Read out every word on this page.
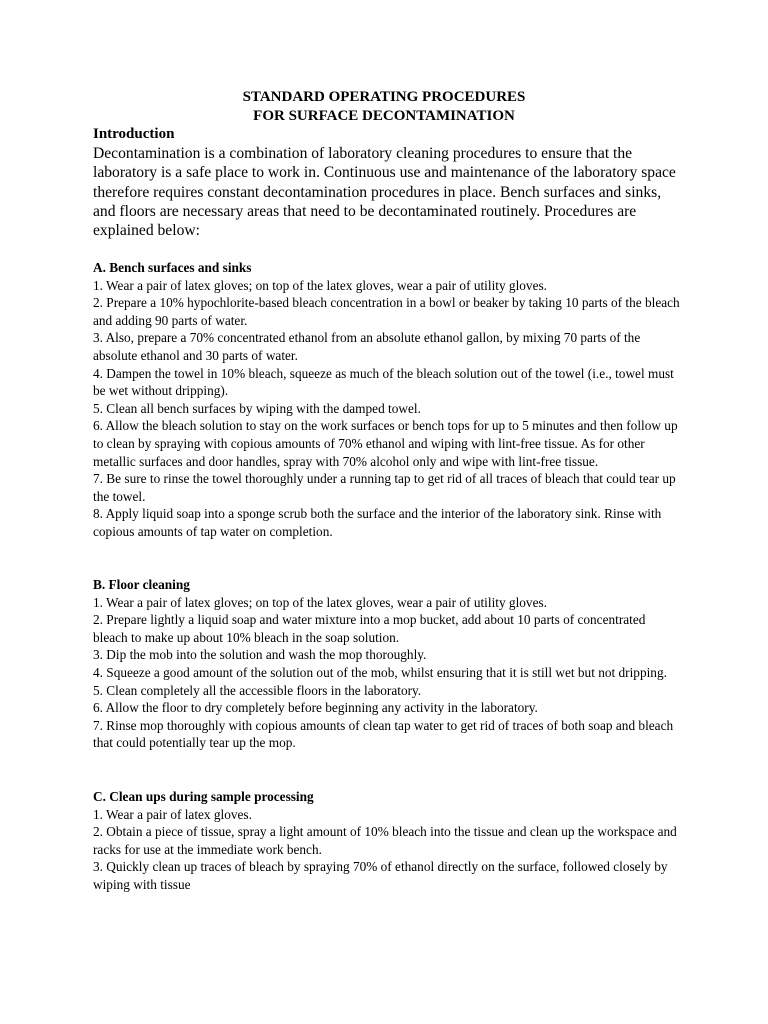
STANDARD OPERATING PROCEDURES
FOR SURFACE DECONTAMINATION
Introduction
Decontamination is a combination of laboratory cleaning procedures to ensure that the laboratory is a safe place to work in. Continuous use and maintenance of the laboratory space therefore requires constant decontamination procedures in place. Bench surfaces and sinks, and floors are necessary areas that need to be decontaminated routinely. Procedures are explained below:
A. Bench surfaces and sinks

1. Wear a pair of latex gloves; on top of the latex gloves, wear a pair of utility gloves.

2. Prepare a 10% hypochlorite-based bleach concentration in a bowl or beaker by taking 10 parts of the bleach and adding 90 parts of water.

3. Also, prepare a 70% concentrated ethanol from an absolute ethanol gallon, by mixing 70 parts of the absolute ethanol and 30 parts of water.

4. Dampen the towel in 10% bleach, squeeze as much of the bleach solution out of the towel (i.e., towel must be wet without dripping).

5. Clean all bench surfaces by wiping with the damped towel.

6. Allow the bleach solution to stay on the work surfaces or bench tops for up to 5 minutes and then follow up to clean by spraying with copious amounts of 70% ethanol and wiping with lint-free tissue. As for other metallic surfaces and door handles, spray with 70% alcohol only and wipe with lint-free tissue.

7. Be sure to rinse the towel thoroughly under a running tap to get rid of all traces of bleach that could tear up the towel.

8. Apply liquid soap into a sponge scrub both the surface and the interior of the laboratory sink. Rinse with copious amounts of tap water on completion.

B. Floor cleaning

1. Wear a pair of latex gloves; on top of the latex gloves, wear a pair of utility gloves.

2. Prepare lightly a liquid soap and water mixture into a mop bucket, add about 10 parts of concentrated bleach to make up about 10% bleach in the soap solution.

3. Dip the mob into the solution and wash the mop thoroughly.

4. Squeeze a good amount of the solution out of the mob, whilst ensuring that it is still wet but not dripping.

5. Clean completely all the accessible floors in the laboratory.

6. Allow the floor to dry completely before beginning any activity in the laboratory.

7. Rinse mop thoroughly with copious amounts of clean tap water to get rid of traces of both soap and bleach that could potentially tear up the mop.

C. Clean ups during sample processing

1. Wear a pair of latex gloves.

2. Obtain a piece of tissue, spray a light amount of 10% bleach into the tissue and clean up the workspace and racks for use at the immediate work bench.

3. Quickly clean up traces of bleach by spraying 70% of ethanol directly on the surface, followed closely by wiping with tissue
